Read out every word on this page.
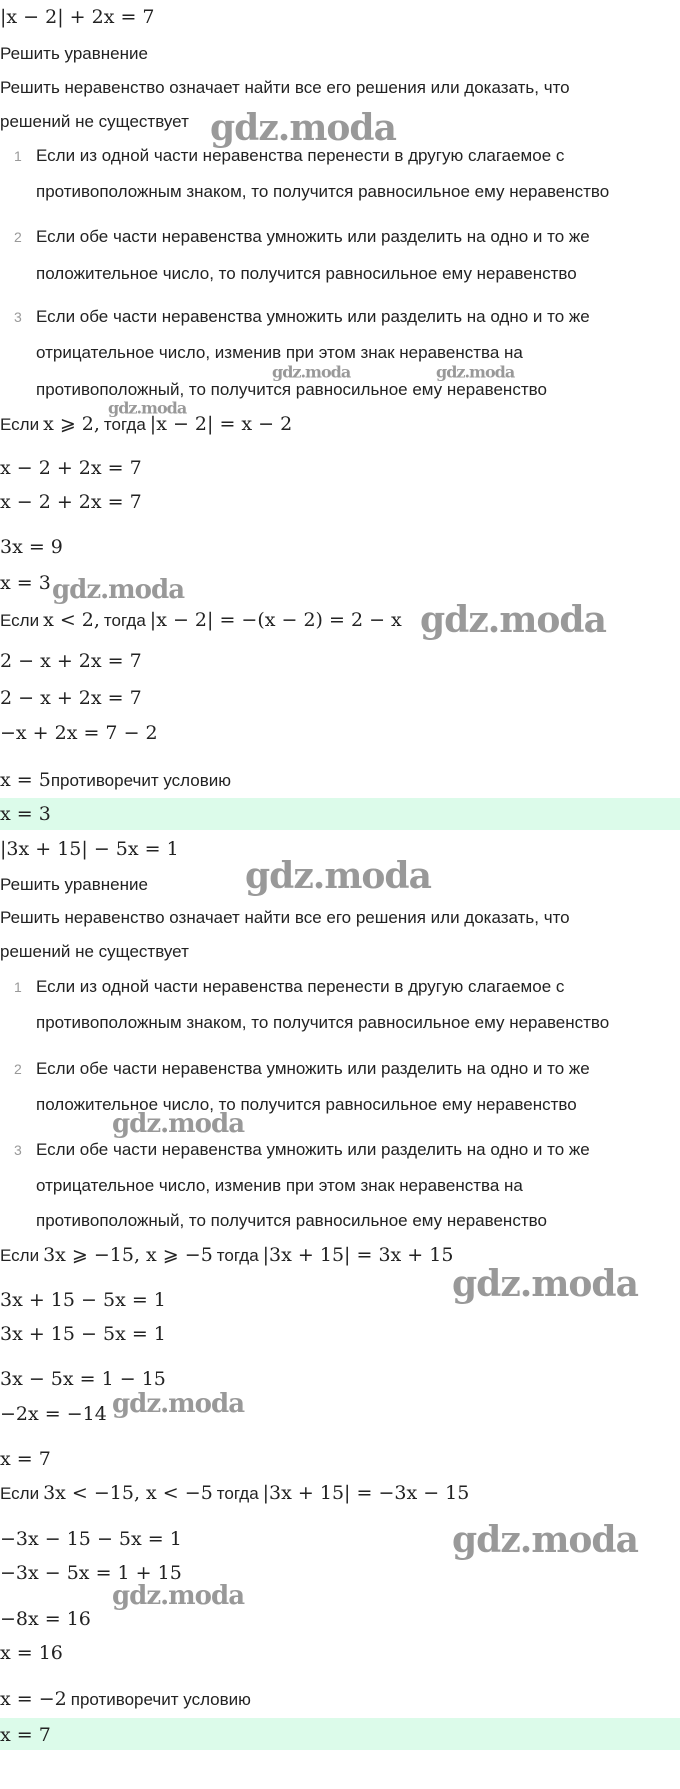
|x − 2| + 2x = 7
Решить уравнение
Решить неравенство означает найти все его решения или доказать, что
решений не существует
1 Если из одной части неравенства перенести в другую слагаемое с
противоположным знаком, то получится равносильное ему неравенство
2 Если обе части неравенства умножить или разделить на одно и то же
положительное число, то получится равносильное ему неравенство
3 Если обе части неравенства умножить или разделить на одно и то же
отрицательное число, изменив при этом знак неравенства на
противоположный, то получится равносильное ему неравенство
Если x ⩾ 2, тогда |x − 2| = x − 2
x − 2 + 2x = 7
x − 2 + 2x = 7
3x = 9
x = 3
Если x < 2, тогда |x − 2| = −(x − 2) = 2 − x
2 − x + 2x = 7
2 − x + 2x = 7
−x + 2x = 7 − 2
x = 5противоречит условию
x = 3
|3x + 15| − 5x = 1
Решить уравнение
Решить неравенство означает найти все его решения или доказать, что
решений не существует
1 Если из одной части неравенства перенести в другую слагаемое с
противоположным знаком, то получится равносильное ему неравенство
2 Если обе части неравенства умножить или разделить на одно и то же
положительное число, то получится равносильное ему неравенство
3 Если обе части неравенства умножить или разделить на одно и то же
отрицательное число, изменив при этом знак неравенства на
противоположный, то получится равносильное ему неравенство
Если 3x ⩾ −15, x ⩾ −5 тогда |3x + 15| = 3x + 15
3x + 15 − 5x = 1
3x + 15 − 5x = 1
3x − 5x = 1 − 15
−2x = −14
x = 7
Если 3x < −15, x < −5 тогда |3x + 15| = −3x − 15
−3x − 15 − 5x = 1
−3x − 5x = 1 + 15
−8x = 16
x = 16
x = −2 противоречит условию
x = 7
gdz.moda
gdz.moda	gdz.moda
gdz.moda
gdz.moda
gdz.moda
gdz.moda
gdz.moda
gdz.moda
gdz.moda
gdz.moda
gdz.moda
